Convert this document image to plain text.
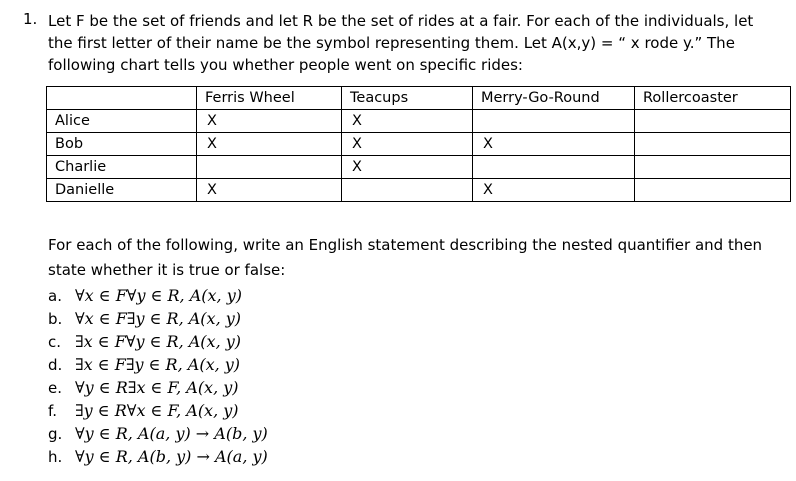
1. Let F be the set of friends and let R be the set of rides at a fair. For each of the individuals, let
the first letter of their name be the symbol representing them. Let A(x,y) = “ x rode y.” The
following chart tells you whether people went on specific rides:
	Ferris Wheel	Teacups	Merry-Go-Round	Rollercoaster
Alice	X	X		
Bob	X	X	X	
Charlie		X		
Danielle	X		X	
For each of the following, write an English statement describing the nested quantifier and then
state whether it is true or false:
a. ∀x ∈ F∀y ∈ R, A(x, y)
b. ∀x ∈ F∃y ∈ R, A(x, y)
c. ∃x ∈ F∀y ∈ R, A(x, y)
d. ∃x ∈ F∃y ∈ R, A(x, y)
e. ∀y ∈ R∃x ∈ F, A(x, y)
f.	∃y ∈ R∀x ∈ F, A(x, y)
g. ∀y ∈ R, A(a, y) → A(b, y)
h. ∀y ∈ R, A(b, y) → A(a, y)
